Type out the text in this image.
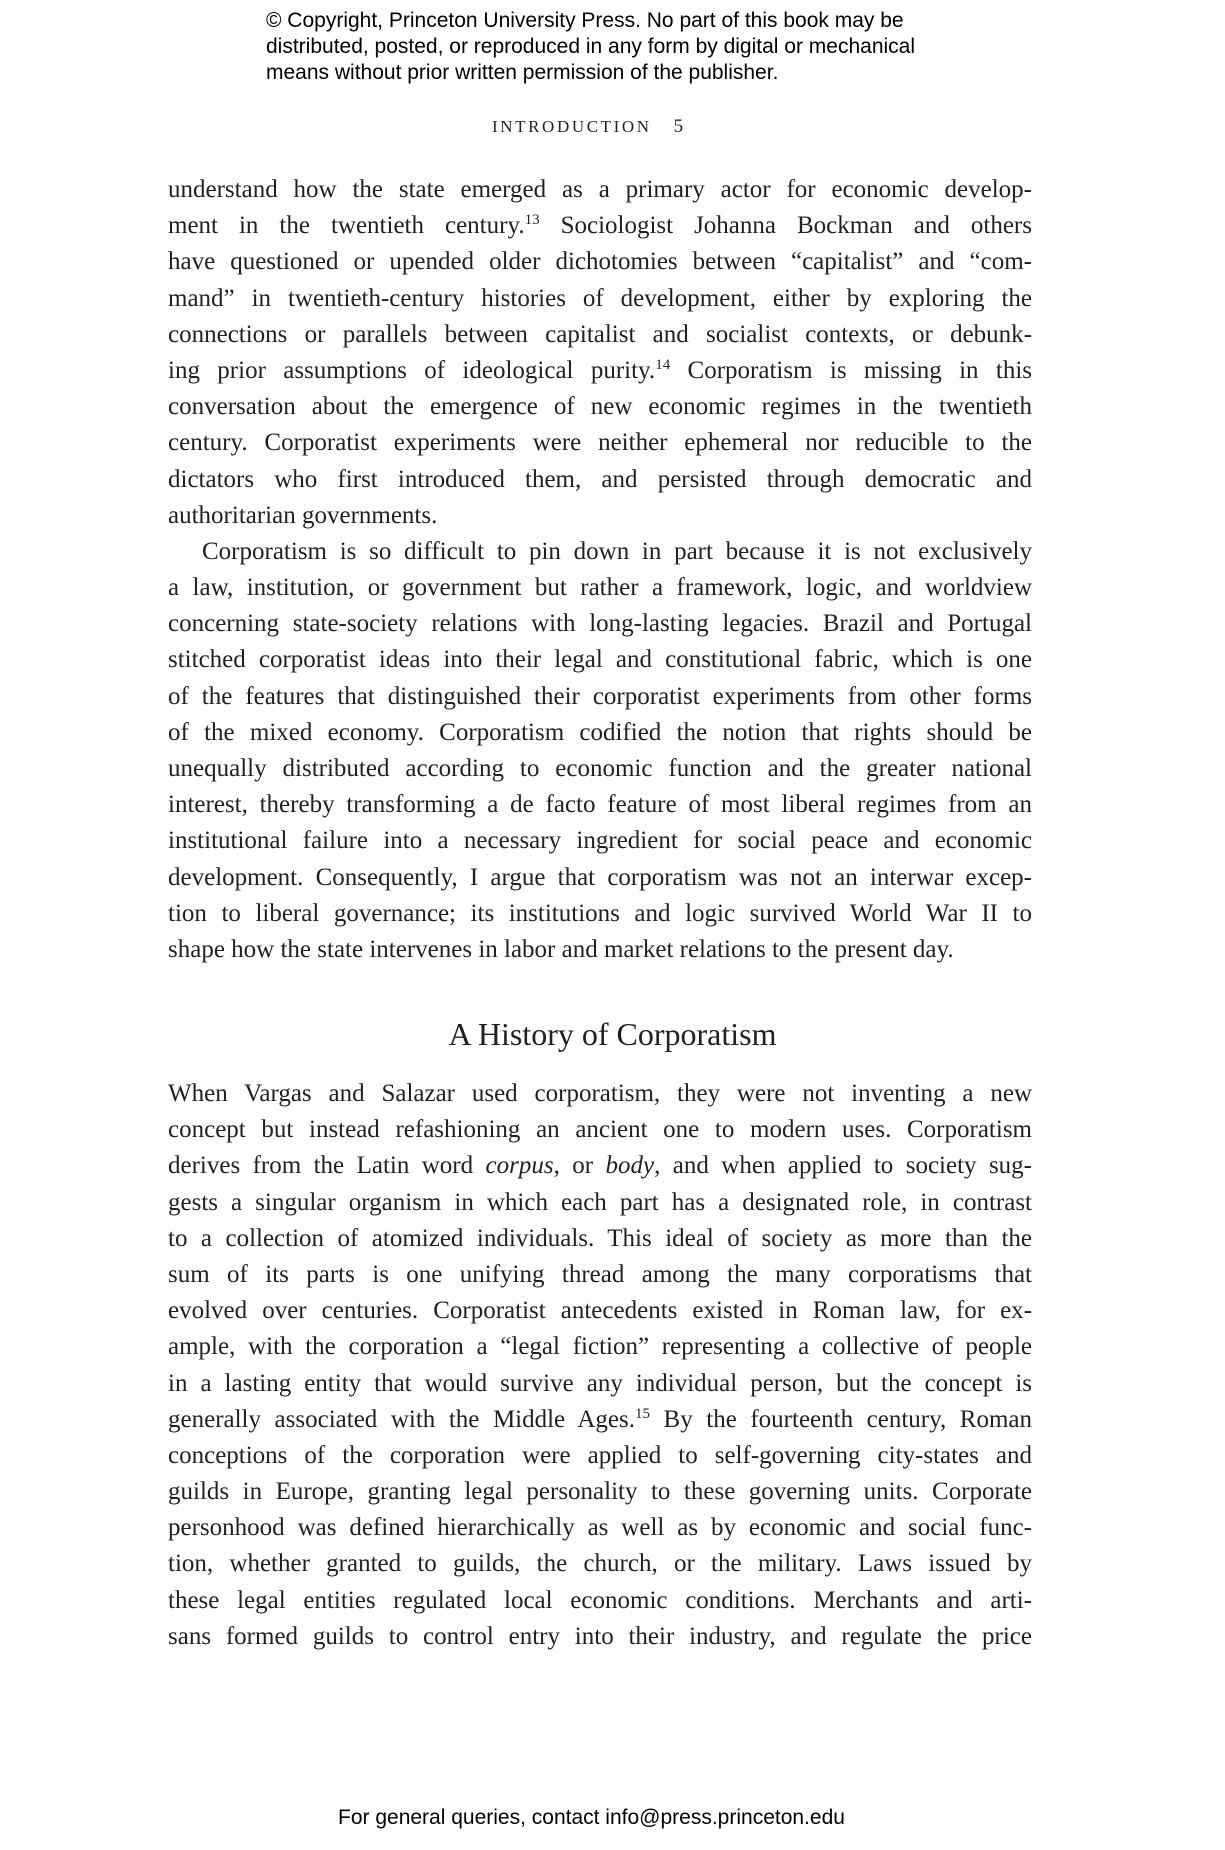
© Copyright, Princeton University Press. No part of this book may be
distributed, posted, or reproduced in any form by digital or mechanical
means without prior written permission of the publisher.
INTRODUCTION 5
understand how the state emerged as a primary actor for economic develop-
ment in the twentieth century.$^{13}$ Sociologist Johanna Bockman and others
have questioned or upended older dichotomies between “capitalist” and “com-
mand” in twentieth-century histories of development, either by exploring the
connections or parallels between capitalist and socialist contexts, or debunk-
ing prior assumptions of ideological purity.$^{14}$ Corporatism is missing in this
conversation about the emergence of new economic regimes in the twentieth
century. Corporatist experiments were neither ephemeral nor reducible to the
dictators who first introduced them, and persisted through democratic and
authoritarian governments.
Corporatism is so difficult to pin down in part because it is not exclusively
a law, institution, or government but rather a framework, logic, and worldview
concerning state-society relations with long-lasting legacies. Brazil and Portugal
stitched corporatist ideas into their legal and constitutional fabric, which is one
of the features that distinguished their corporatist experiments from other forms
of the mixed economy. Corporatism codified the notion that rights should be
unequally distributed according to economic function and the greater national
interest, thereby transforming a de facto feature of most liberal regimes from an
institutional failure into a necessary ingredient for social peace and economic
development. Consequently, I argue that corporatism was not an interwar excep-
tion to liberal governance; its institutions and logic survived World War II to
shape how the state intervenes in labor and market relations to the present day.
A History of Corporatism
When Vargas and Salazar used corporatism, they were not inventing a new
concept but instead refashioning an ancient one to modern uses. Corporatism
derives from the Latin word corpus, or body, and when applied to society sug-
gests a singular organism in which each part has a designated role, in contrast
to a collection of atomized individuals. This ideal of society as more than the
sum of its parts is one unifying thread among the many corporatisms that
evolved over centuries. Corporatist antecedents existed in Roman law, for ex-
ample, with the corporation a “legal fiction” representing a collective of people
in a lasting entity that would survive any individual person, but the concept is
generally associated with the Middle Ages.$^{15}$ By the fourteenth century, Roman
conceptions of the corporation were applied to self-governing city-states and
guilds in Europe, granting legal personality to these governing units. Corporate
personhood was defined hierarchically as well as by economic and social func-
tion, whether granted to guilds, the church, or the military. Laws issued by
these legal entities regulated local economic conditions. Merchants and arti-
sans formed guilds to control entry into their industry, and regulate the price
For general queries, contact info@press.princeton.edu
